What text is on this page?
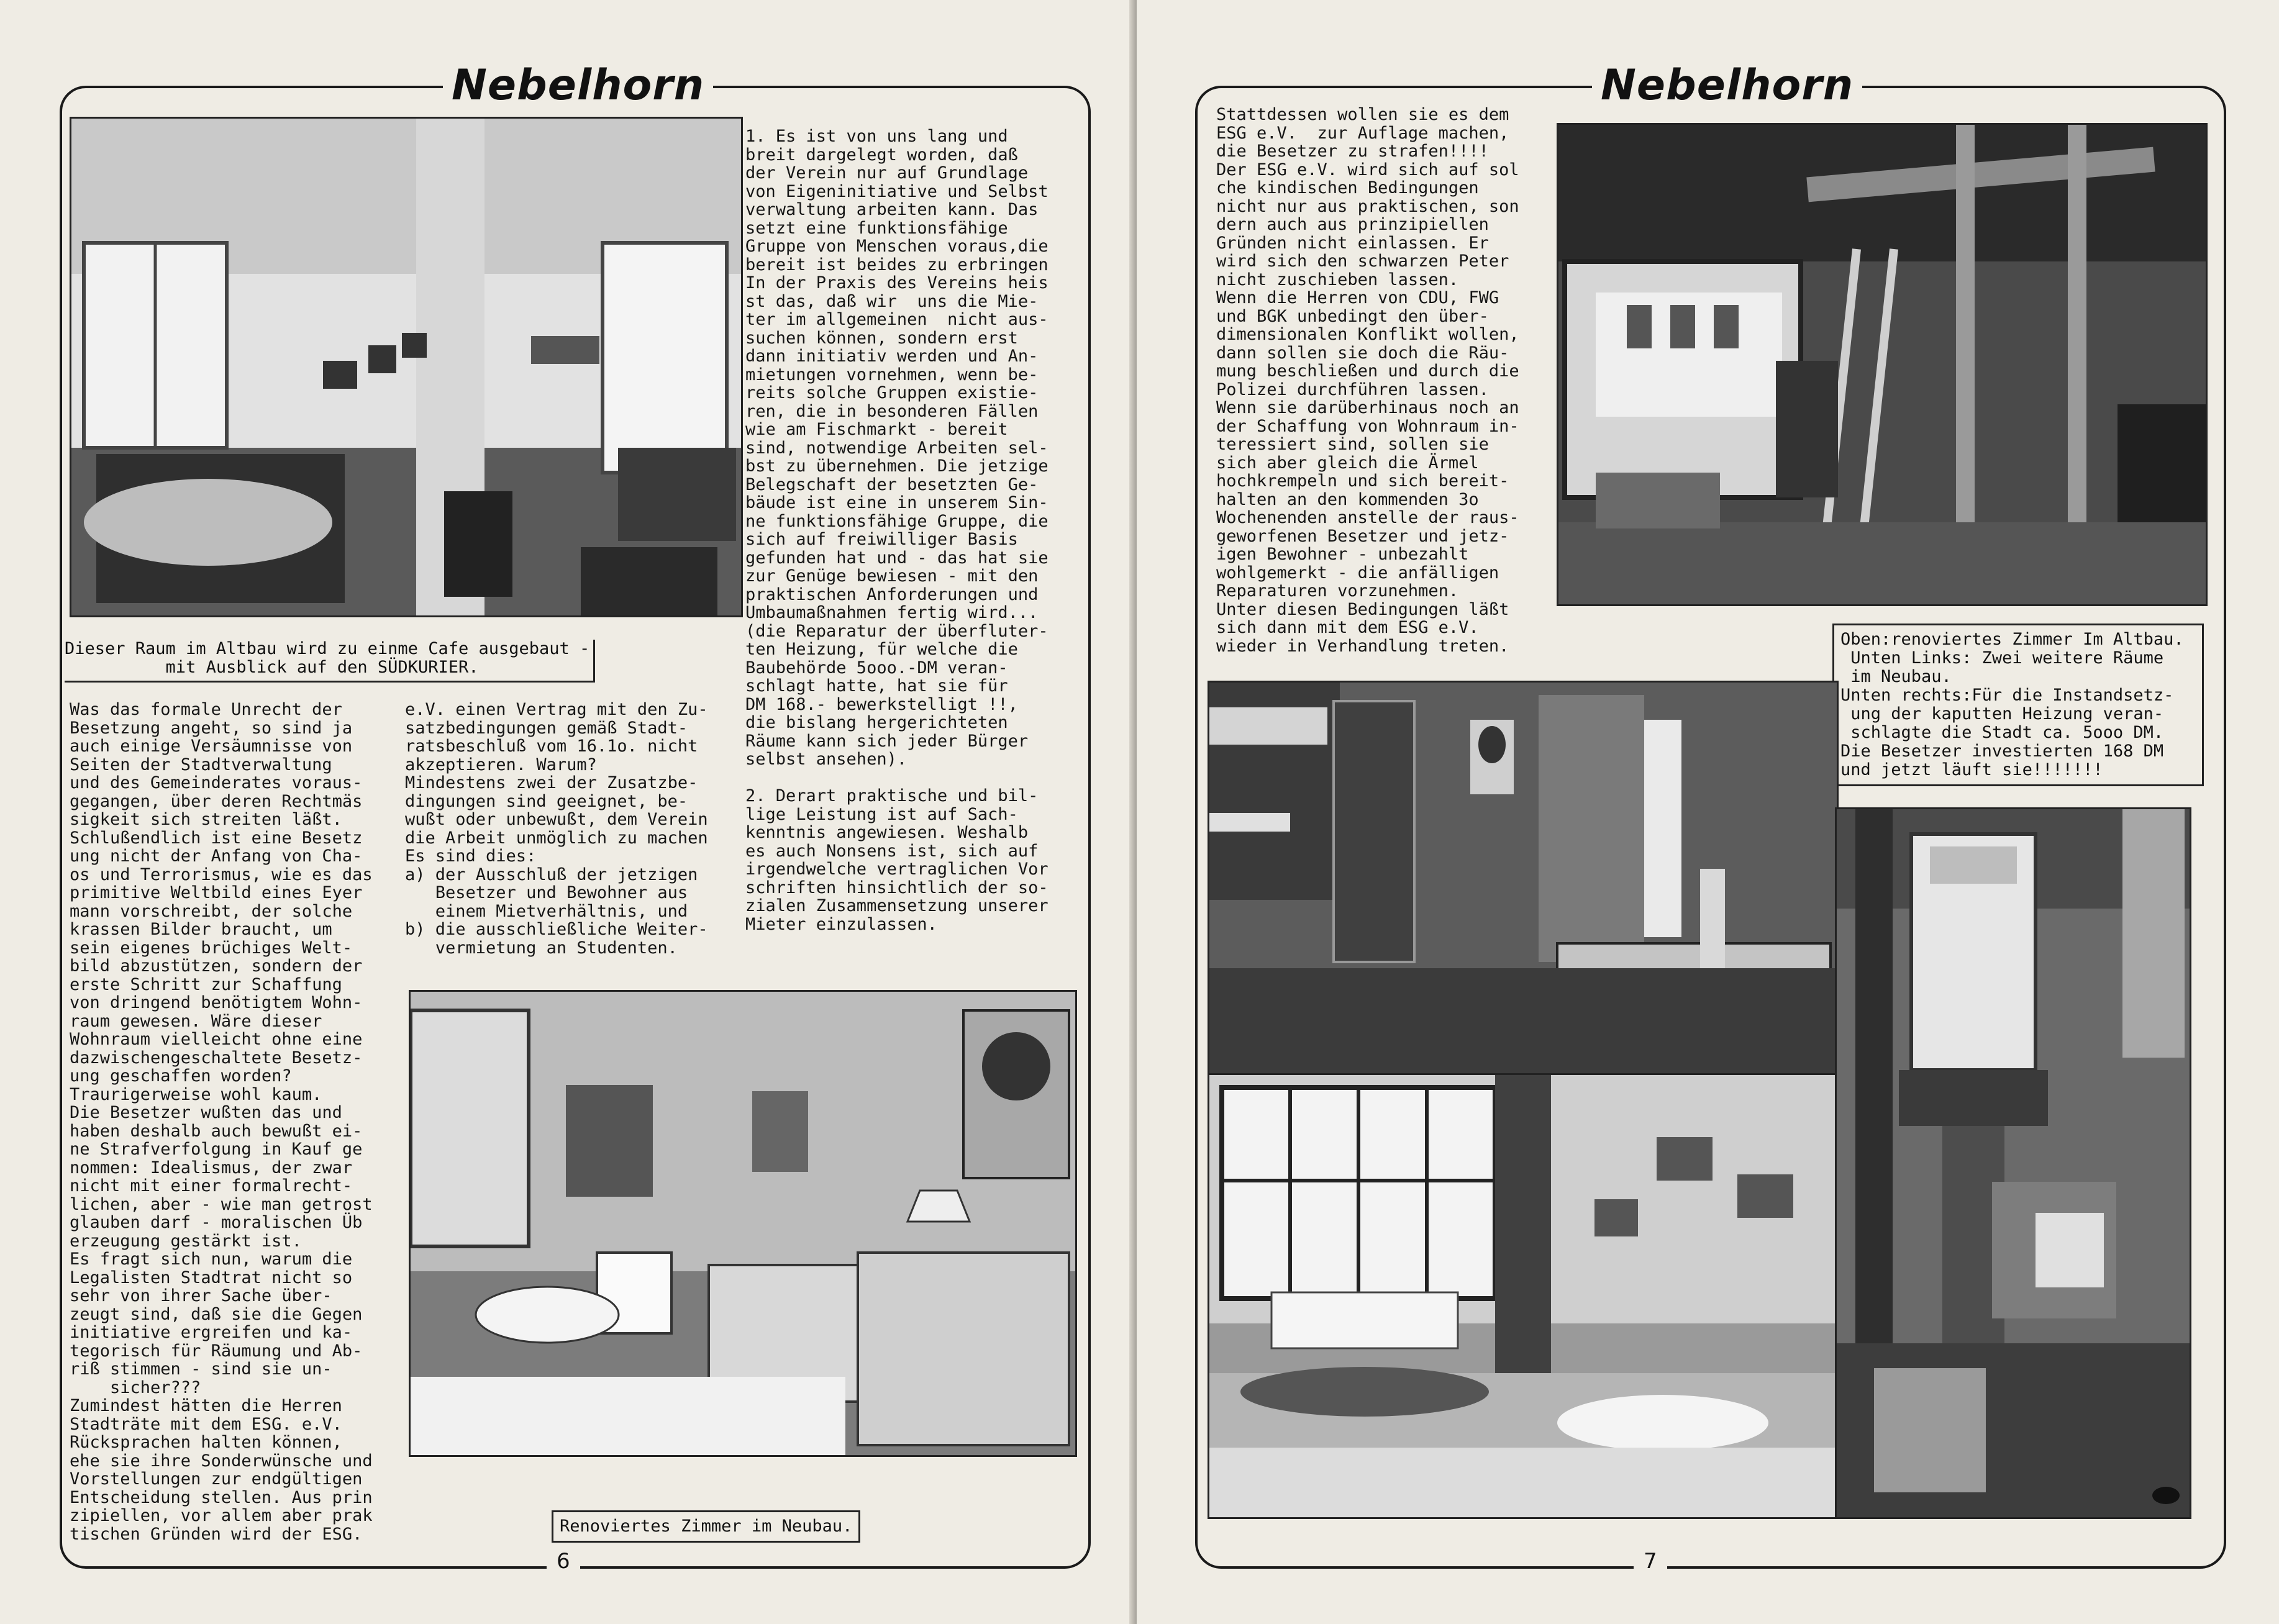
Nebelhorn
Dieser Raum im Altbau wird zu einme Cafe ausgebaut -
mit Ausblick auf den SÜDKURIER.
1. Es ist von uns lang und
breit dargelegt worden, daß
der Verein nur auf Grundlage
von Eigeninitiative und Selbst
verwaltung arbeiten kann. Das
setzt eine funktionsfähige
Gruppe von Menschen voraus,die
bereit ist beides zu erbringen
In der Praxis des Vereins heis
st das, daß wir  uns die Mie-
ter im allgemeinen  nicht aus-
suchen können, sondern erst
dann initiativ werden und An-
mietungen vornehmen, wenn be-
reits solche Gruppen existie-
ren, die in besonderen Fällen
wie am Fischmarkt - bereit
sind, notwendige Arbeiten sel-
bst zu übernehmen. Die jetzige
Belegschaft der besetzten Ge-
bäude ist eine in unserem Sin-
ne funktionsfähige Gruppe, die
sich auf freiwilliger Basis
gefunden hat und - das hat sie
zur Genüge bewiesen - mit den
praktischen Anforderungen und
Umbaumaßnahmen fertig wird...
(die Reparatur der überfluter-
ten Heizung, für welche die
Baubehörde 5ooo.-DM veran-
schlagt hatte, hat sie für
DM 168.- bewerkstelligt !!,
die bislang hergerichteten
Räume kann sich jeder Bürger
selbst ansehen).

2. Derart praktische und bil-
lige Leistung ist auf Sach-
kenntnis angewiesen. Weshalb
es auch Nonsens ist, sich auf
irgendwelche vertraglichen Vor
schriften hinsichtlich der so-
zialen Zusammensetzung unserer
Mieter einzulassen.
Was das formale Unrecht der
Besetzung angeht, so sind ja
auch einige Versäumnisse von
Seiten der Stadtverwaltung
und des Gemeinderates voraus-
gegangen, über deren Rechtmäs
sigkeit sich streiten läßt.
Schlußendlich ist eine Besetz
ung nicht der Anfang von Cha-
os und Terrorismus, wie es das
primitive Weltbild eines Eyer
mann vorschreibt, der solche
krassen Bilder braucht, um
sein eigenes brüchiges Welt-
bild abzustützen, sondern der
erste Schritt zur Schaffung
von dringend benötigtem Wohn-
raum gewesen. Wäre dieser
Wohnraum vielleicht ohne eine
dazwischengeschaltete Besetz-
ung geschaffen worden?
Traurigerweise wohl kaum.
Die Besetzer wußten das und
haben deshalb auch bewußt ei-
ne Strafverfolgung in Kauf ge
nommen: Idealismus, der zwar
nicht mit einer formalrecht-
lichen, aber - wie man getrost
glauben darf - moralischen Üb
erzeugung gestärkt ist.
Es fragt sich nun, warum die
Legalisten Stadtrat nicht so
sehr von ihrer Sache über-
zeugt sind, daß sie die Gegen
initiative ergreifen und ka-
tegorisch für Räumung und Ab-
riß stimmen - sind sie un-
sicher???
Zumindest hätten die Herren
Stadträte mit dem ESG. e.V.
Rücksprachen halten können,
ehe sie ihre Sonderwünsche und
Vorstellungen zur endgültigen
Entscheidung stellen. Aus prin
zipiellen, vor allem aber prak
tischen Gründen wird der ESG.
e.V. einen Vertrag mit den Zu-
satzbedingungen gemäß Stadt-
ratsbeschluß vom 16.1o. nicht
akzeptieren. Warum?
Mindestens zwei der Zusatzbe-
dingungen sind geeignet, be-
wußt oder unbewußt, dem Verein
die Arbeit unmöglich zu machen
Es sind dies:
a) der Ausschluß der jetzigen
Besetzer und Bewohner aus
einem Mietverhältnis, und
b) die ausschließliche Weiter-
vermietung an Studenten.
Renoviertes Zimmer im Neubau.
6
Nebelhorn
Stattdessen wollen sie es dem
ESG e.V.  zur Auflage machen,
die Besetzer zu strafen!!!!
Der ESG e.V. wird sich auf sol
che kindischen Bedingungen
nicht nur aus praktischen, son
dern auch aus prinzipiellen
Gründen nicht einlassen. Er
wird sich den schwarzen Peter
nicht zuschieben lassen.
Wenn die Herren von CDU, FWG
und BGK unbedingt den über-
dimensionalen Konflikt wollen,
dann sollen sie doch die Räu-
mung beschließen und durch die
Polizei durchführen lassen.
Wenn sie darüberhinaus noch an
der Schaffung von Wohnraum in-
teressiert sind, sollen sie
sich aber gleich die Ärmel
hochkrempeln und sich bereit-
halten an den kommenden 3o
Wochenenden anstelle der raus-
geworfenen Besetzer und jetz-
igen Bewohner - unbezahlt
wohlgemerkt - die anfälligen
Reparaturen vorzunehmen.
Unter diesen Bedingungen läßt
sich dann mit dem ESG e.V.
wieder in Verhandlung treten.	Oben:renoviertes Zimmer Im Altbau.
Unten Links: Zwei weitere Räume
im Neubau.
Unten rechts:Für die Instandsetz-
ung der kaputten Heizung veran-
schlagte die Stadt ca. 5ooo DM.
Die Besetzer investierten 168 DM
und jetzt läuft sie!!!!!!!
7
